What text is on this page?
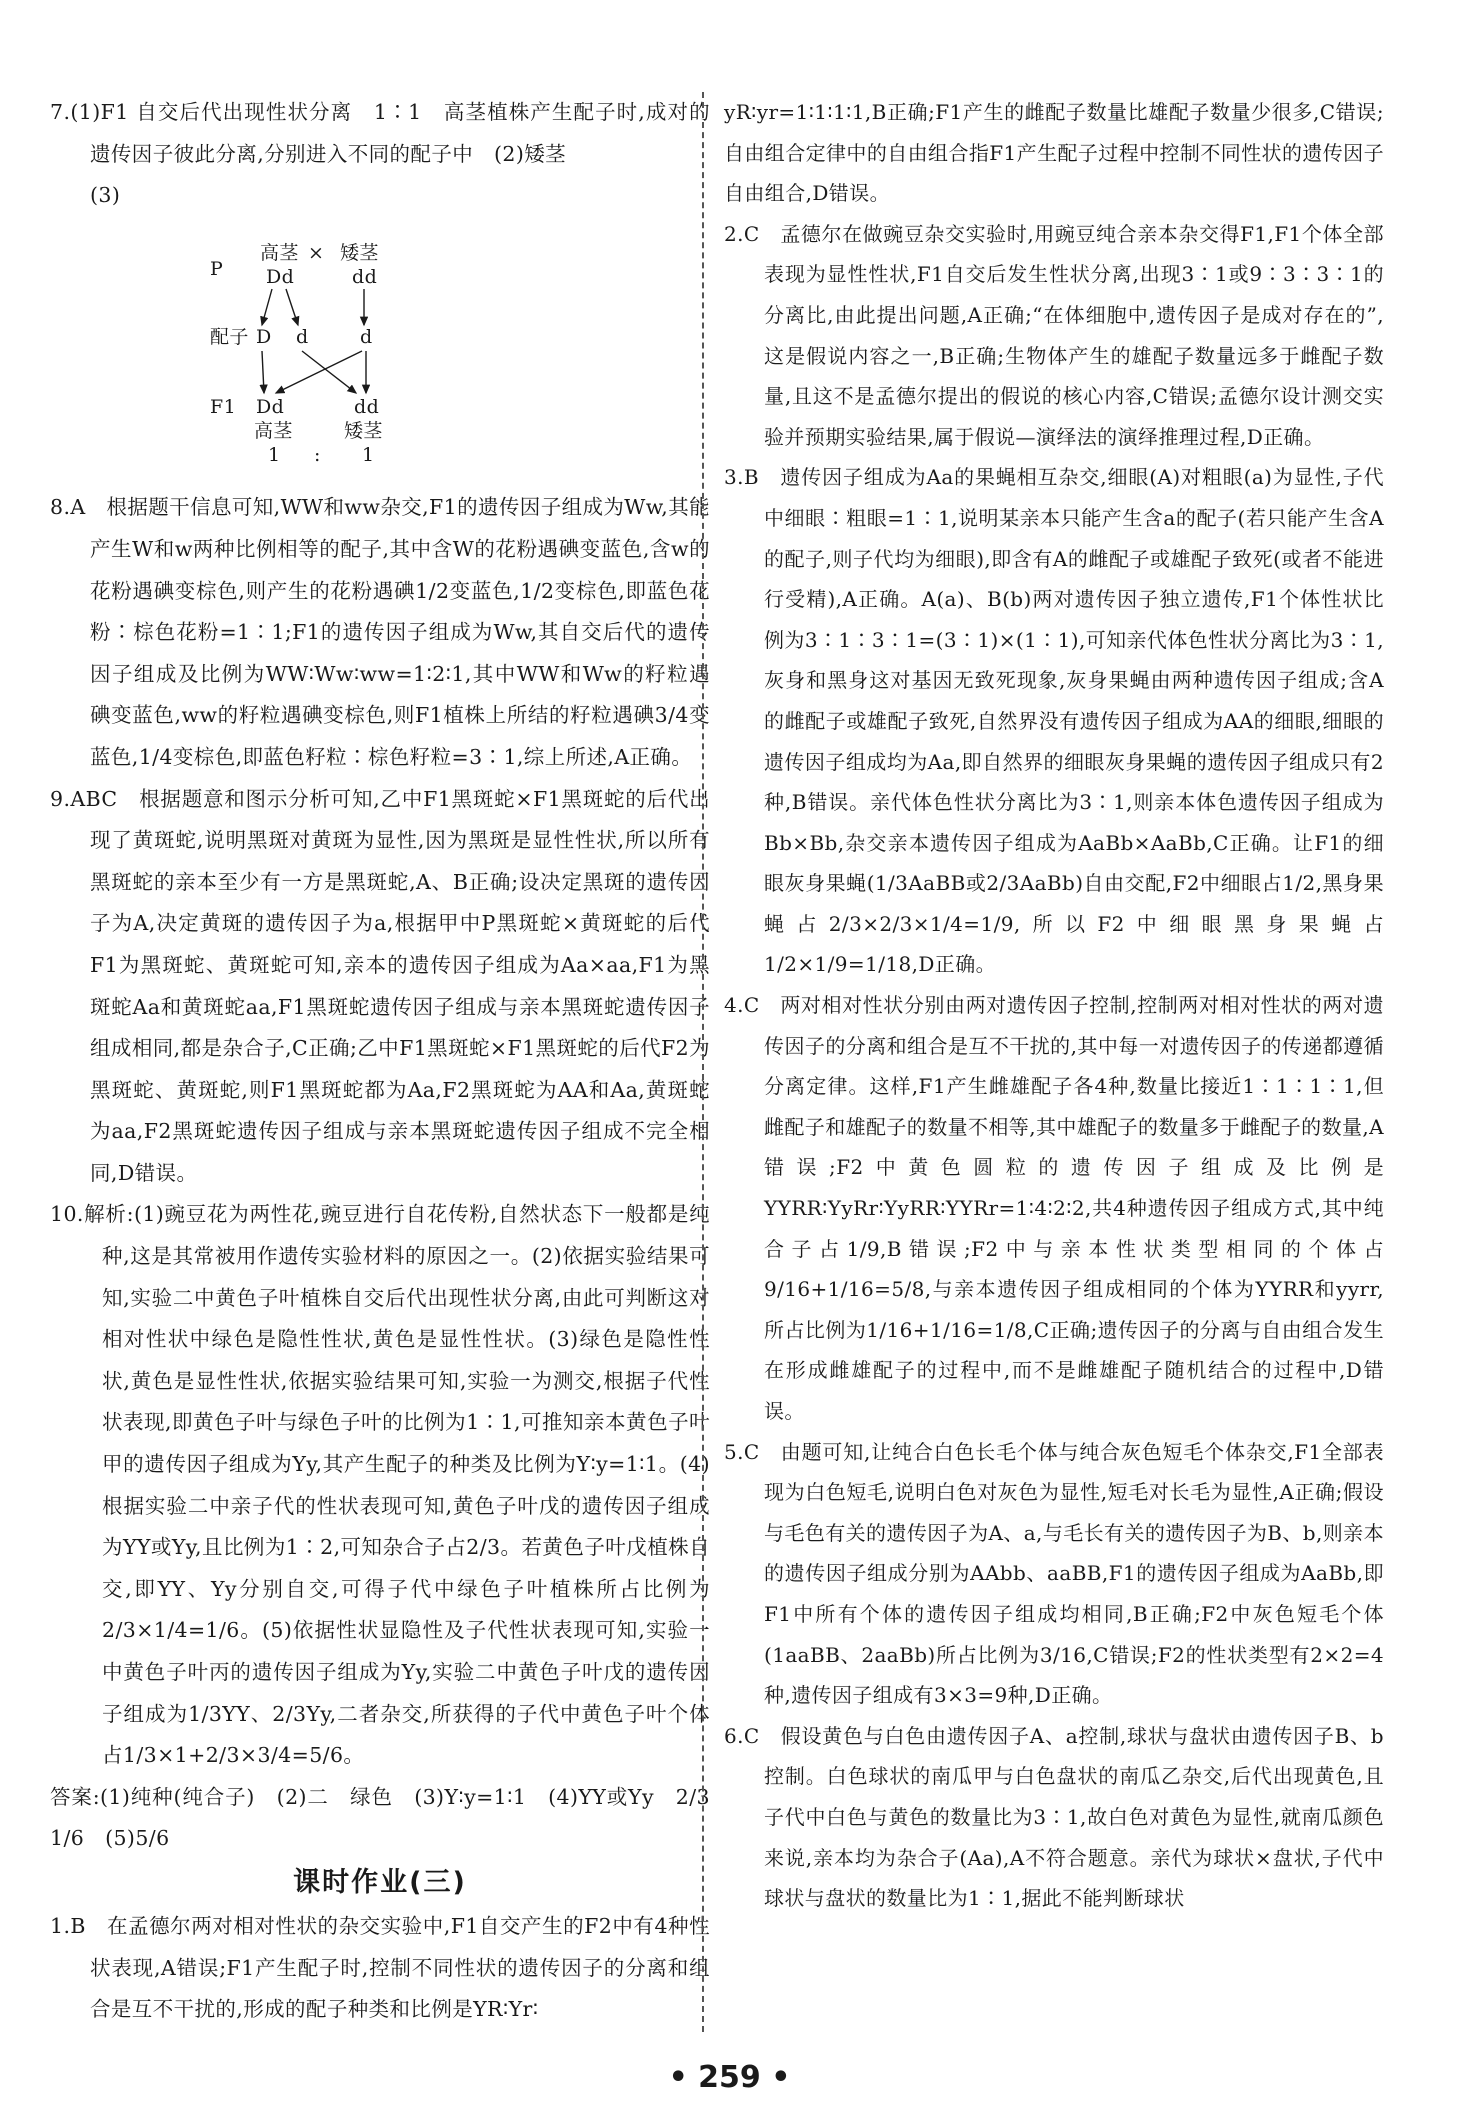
7.(1)F1 自交后代出现性状分离　1∶1　高茎植株产生配子时,成对的遗传因子彼此分离,分别进入不同的配子中　(2)矮茎

(3)

P
高茎 × 矮茎
Dd	dd
配子 D d	d
F1 Dd	dd
高茎	矮茎
1 : 1

8.A　根据题干信息可知,WW和ww杂交,F1的遗传因子组成为Ww,其能产生W和w两种比例相等的配子,其中含W的花粉遇碘变蓝色,含w的花粉遇碘变棕色,则产生的花粉遇碘1/2变蓝色,1/2变棕色,即蓝色花粉∶棕色花粉=1∶1;F1的遗传因子组成为Ww,其自交后代的遗传因子组成及比例为WW∶Ww∶ww=1∶2∶1,其中WW和Ww的籽粒遇碘变蓝色,ww的籽粒遇碘变棕色,则F1植株上所结的籽粒遇碘3/4变蓝色,1/4变棕色,即蓝色籽粒∶棕色籽粒=3∶1,综上所述,A正确。

9.ABC　根据题意和图示分析可知,乙中F1黑斑蛇×F1黑斑蛇的后代出现了黄斑蛇,说明黑斑对黄斑为显性,因为黑斑是显性性状,所以所有黑斑蛇的亲本至少有一方是黑斑蛇,A、B正确;设决定黑斑的遗传因子为A,决定黄斑的遗传因子为a,根据甲中P黑斑蛇×黄斑蛇的后代F1为黑斑蛇、黄斑蛇可知,亲本的遗传因子组成为Aa×aa,F1为黑斑蛇Aa和黄斑蛇aa,F1黑斑蛇遗传因子组成与亲本黑斑蛇遗传因子组成相同,都是杂合子,C正确;乙中F1黑斑蛇×F1黑斑蛇的后代F2为黑斑蛇、黄斑蛇,则F1黑斑蛇都为Aa,F2黑斑蛇为AA和Aa,黄斑蛇为aa,F2黑斑蛇遗传因子组成与亲本黑斑蛇遗传因子组成不完全相同,D错误。

10.解析:(1)豌豆花为两性花,豌豆进行自花传粉,自然状态下一般都是纯种,这是其常被用作遗传实验材料的原因之一。(2)依据实验结果可知,实验二中黄色子叶植株自交后代出现性状分离,由此可判断这对相对性状中绿色是隐性性状,黄色是显性性状。(3)绿色是隐性性状,黄色是显性性状,依据实验结果可知,实验一为测交,根据子代性状表现,即黄色子叶与绿色子叶的比例为1∶1,可推知亲本黄色子叶甲的遗传因子组成为Yy,其产生配子的种类及比例为Y∶y=1∶1。(4)根据实验二中亲子代的性状表现可知,黄色子叶戊的遗传因子组成为YY或Yy,且比例为1∶2,可知杂合子占2/3。若黄色子叶戊植株自交,即YY、Yy分别自交,可得子代中绿色子叶植株所占比例为2/3×1/4=1/6。(5)依据性状显隐性及子代性状表现可知,实验一中黄色子叶丙的遗传因子组成为Yy,实验二中黄色子叶戊的遗传因子组成为1/3YY、2/3Yy,二者杂交,所获得的子代中黄色子叶个体占1/3×1+2/3×3/4=5/6。

答案:(1)纯种(纯合子)　(2)二　绿色　(3)Y∶y=1∶1　(4)YY或Yy　2/3　1/6　(5)5/6

课时作业(三)

1.B　在孟德尔两对相对性状的杂交实验中,F1自交产生的F2中有4种性状表现,A错误;F1产生配子时,控制不同性状的遗传因子的分离和组合是互不干扰的,形成的配子种类和比例是YR∶Yr∶

yR∶yr=1∶1∶1∶1,B正确;F1产生的雌配子数量比雄配子数量少很多,C错误;自由组合定律中的自由组合指F1产生配子过程中控制不同性状的遗传因子自由组合,D错误。

2.C　孟德尔在做豌豆杂交实验时,用豌豆纯合亲本杂交得F1,F1个体全部表现为显性性状,F1自交后发生性状分离,出现3∶1或9∶3∶3∶1的分离比,由此提出问题,A正确;“在体细胞中,遗传因子是成对存在的”,这是假说内容之一,B正确;生物体产生的雄配子数量远多于雌配子数量,且这不是孟德尔提出的假说的核心内容,C错误;孟德尔设计测交实验并预期实验结果,属于假说—演绎法的演绎推理过程,D正确。

3.B　遗传因子组成为Aa的果蝇相互杂交,细眼(A)对粗眼(a)为显性,子代中细眼∶粗眼=1∶1,说明某亲本只能产生含a的配子(若只能产生含A的配子,则子代均为细眼),即含有A的雌配子或雄配子致死(或者不能进行受精),A正确。A(a)、B(b)两对遗传因子独立遗传,F1个体性状比例为3∶1∶3∶1=(3∶1)×(1∶1),可知亲代体色性状分离比为3∶1,灰身和黑身这对基因无致死现象,灰身果蝇由两种遗传因子组成;含A的雌配子或雄配子致死,自然界没有遗传因子组成为AA的细眼,细眼的遗传因子组成均为Aa,即自然界的细眼灰身果蝇的遗传因子组成只有2种,B错误。亲代体色性状分离比为3∶1,则亲本体色遗传因子组成为Bb×Bb,杂交亲本遗传因子组成为AaBb×AaBb,C正确。让F1的细眼灰身果蝇(1/3AaBB或2/3AaBb)自由交配,F2中细眼占1/2,黑身果蝇占2/3×2/3×1/4=1/9,所以F2中细眼黑身果蝇占1/2×1/9=1/18,D正确。

4.C　两对相对性状分别由两对遗传因子控制,控制两对相对性状的两对遗传因子的分离和组合是互不干扰的,其中每一对遗传因子的传递都遵循分离定律。这样,F1产生雌雄配子各4种,数量比接近1∶1∶1∶1,但雌配子和雄配子的数量不相等,其中雄配子的数量多于雌配子的数量,A错误;F2中黄色圆粒的遗传因子组成及比例是YYRR∶YyRr∶YyRR∶YYRr=1∶4∶2∶2,共4种遗传因子组成方式,其中纯合子占1/9,B错误;F2中与亲本性状类型相同的个体占9/16+1/16=5/8,与亲本遗传因子组成相同的个体为YYRR和yyrr,所占比例为1/16+1/16=1/8,C正确;遗传因子的分离与自由组合发生在形成雌雄配子的过程中,而不是雌雄配子随机结合的过程中,D错误。

5.C　由题可知,让纯合白色长毛个体与纯合灰色短毛个体杂交,F1全部表现为白色短毛,说明白色对灰色为显性,短毛对长毛为显性,A正确;假设与毛色有关的遗传因子为A、a,与毛长有关的遗传因子为B、b,则亲本的遗传因子组成分别为AAbb、aaBB,F1的遗传因子组成为AaBb,即F1中所有个体的遗传因子组成均相同,B正确;F2中灰色短毛个体(1aaBB、2aaBb)所占比例为3/16,C错误;F2的性状类型有2×2=4种,遗传因子组成有3×3=9种,D正确。

6.C　假设黄色与白色由遗传因子A、a控制,球状与盘状由遗传因子B、b控制。白色球状的南瓜甲与白色盘状的南瓜乙杂交,后代出现黄色,且子代中白色与黄色的数量比为3∶1,故白色对黄色为显性,就南瓜颜色来说,亲本均为杂合子(Aa),A不符合题意。亲代为球状×盘状,子代中球状与盘状的数量比为1∶1,据此不能判断球状

• 259 •
